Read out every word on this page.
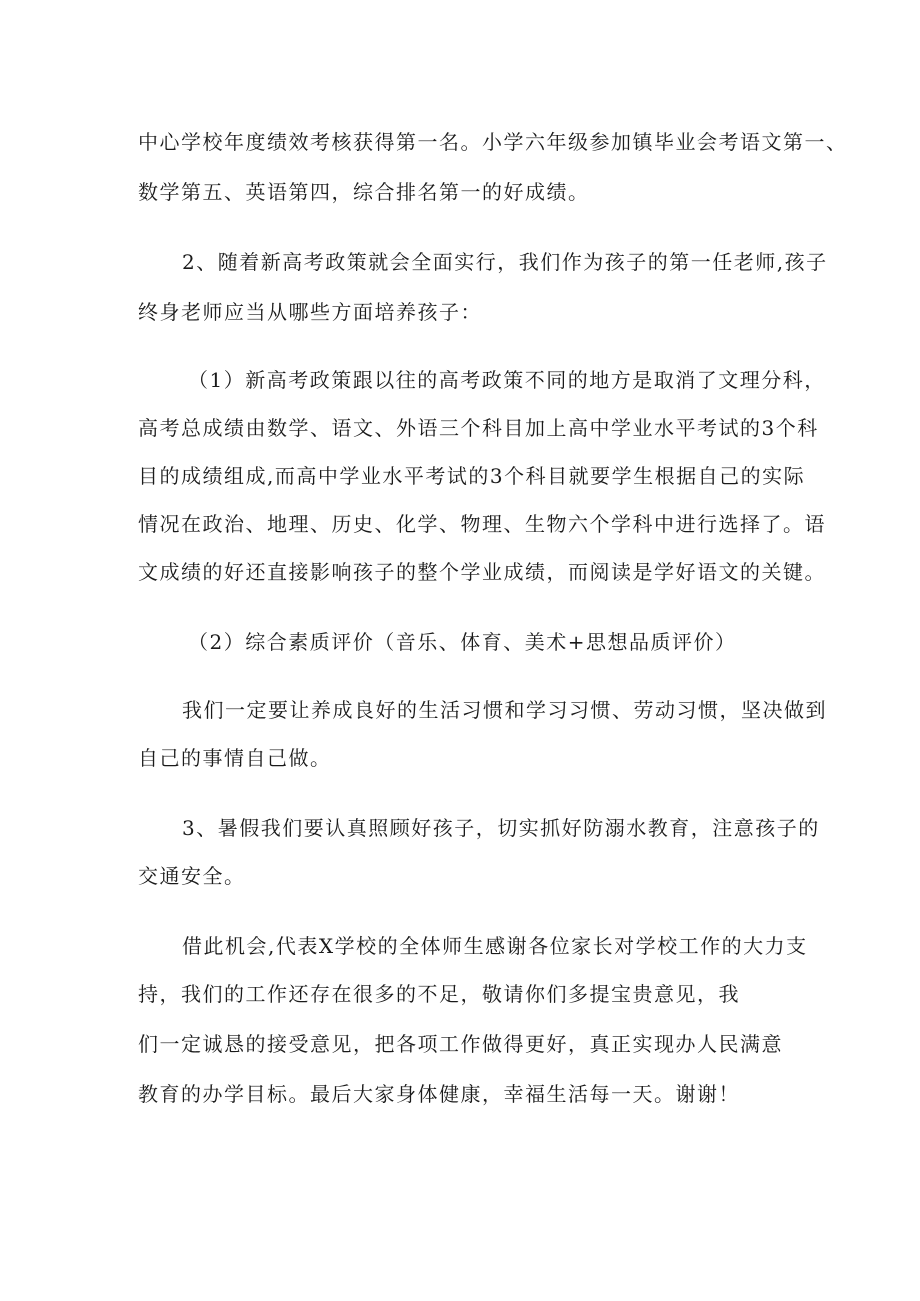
中心学校年度绩效考核获得第一名。小学六年级参加镇毕业会考语文第一、
数学第五、英语第四，综合排名第一的好成绩。
2、随着新高考政策就会全面实行，我们作为孩子的第一任老师,孩子
终身老师应当从哪些方面培养孩子：
（1）新高考政策跟以往的高考政策不同的地方是取消了文理分科，
高考总成绩由数学、语文、外语三个科目加上高中学业水平考试的3个科
目的成绩组成,而高中学业水平考试的3个科目就要学生根据自己的实际
情况在政治、地理、历史、化学、物理、生物六个学科中进行选择了。语
文成绩的好还直接影响孩子的整个学业成绩，而阅读是学好语文的关键。
（2）综合素质评价（音乐、体育、美术+思想品质评价）
我们一定要让养成良好的生活习惯和学习习惯、劳动习惯，坚决做到
自己的事情自己做。
3、暑假我们要认真照顾好孩子，切实抓好防溺水教育，注意孩子的
交通安全。
借此机会,代表X学校的全体师生感谢各位家长对学校工作的大力支
持，我们的工作还存在很多的不足，敬请你们多提宝贵意见，我
们一定诚恳的接受意见，把各项工作做得更好，真正实现办人民满意
教育的办学目标。最后大家身体健康，幸福生活每一天。谢谢！
